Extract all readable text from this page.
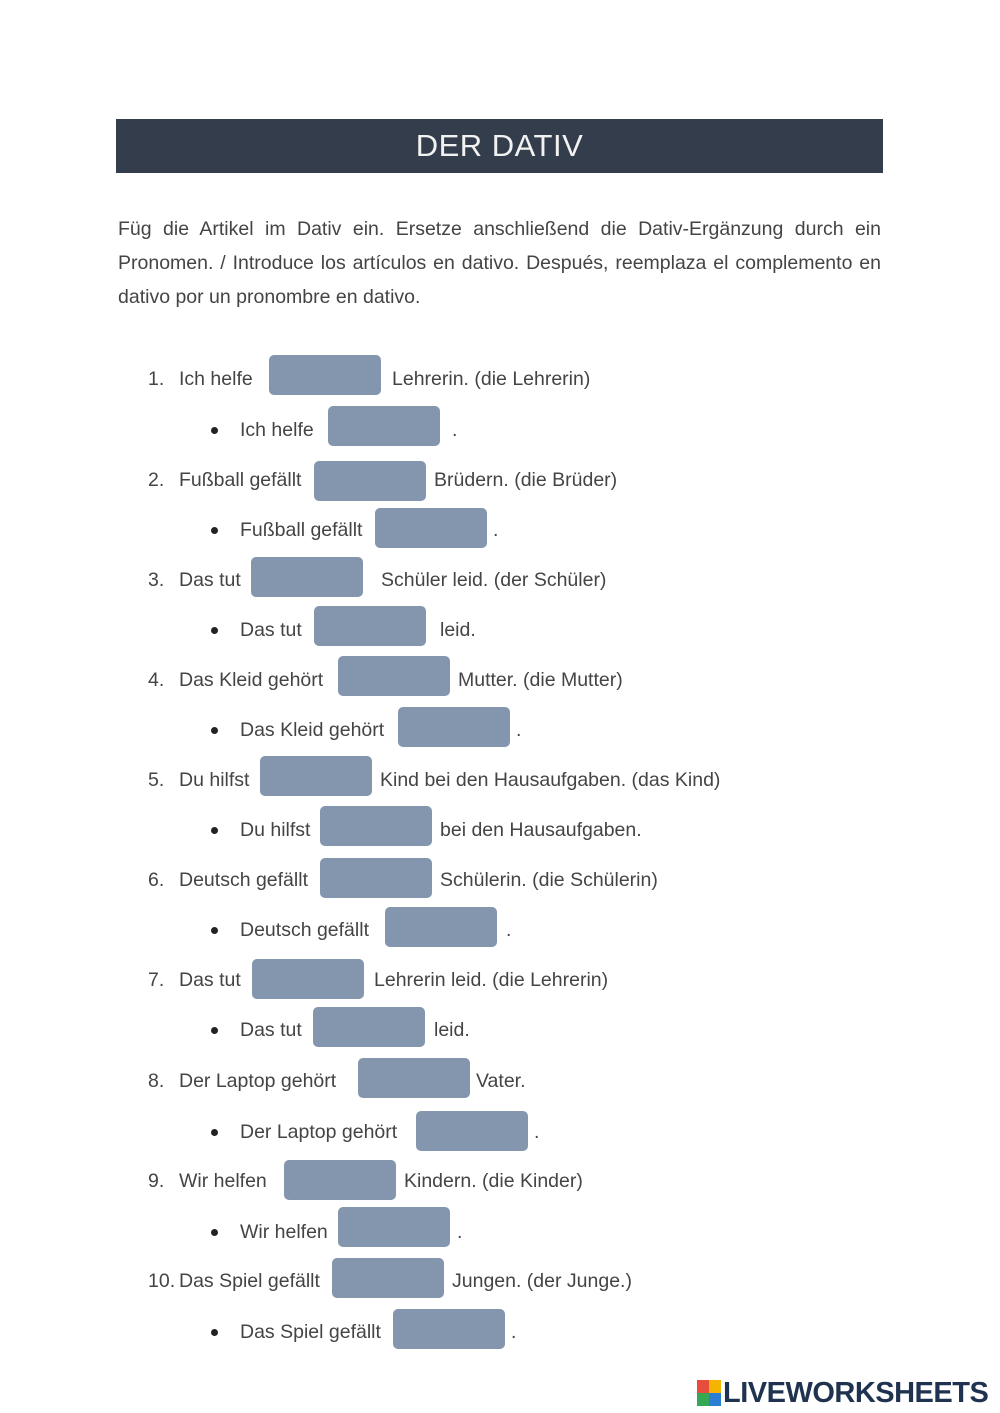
DER DATIV
Füg die Artikel im Dativ ein. Ersetze anschließend die Dativ-Ergänzung durch ein Pronomen. / Introduce los artículos en dativo. Después, reemplaza el complemento en dativo por un pronombre en dativo.
1. Ich helfe	Lehrerin. (die Lehrerin)
Ich helfe	.
2. Fußball gefällt	Brüdern. (die Brüder)
Fußball gefällt	.
3. Das tut	Schüler leid. (der Schüler)
Das tut	leid.
4. Das Kleid gehört	Mutter. (die Mutter)
Das Kleid gehört	.
5. Du hilfst	Kind bei den Hausaufgaben. (das Kind)
Du hilfst	bei den Hausaufgaben.
6. Deutsch gefällt	Schülerin. (die Schülerin)
Deutsch gefällt	.
7. Das tut	Lehrerin leid. (die Lehrerin)
Das tut	leid.
8. Der Laptop gehört	Vater.
Der Laptop gehört	.
9. Wir helfen	Kindern. (die Kinder)
Wir helfen	.
10. Das Spiel gefällt	Jungen. (der Junge.)
Das Spiel gefällt	.
LIVEWORKSHEETS
